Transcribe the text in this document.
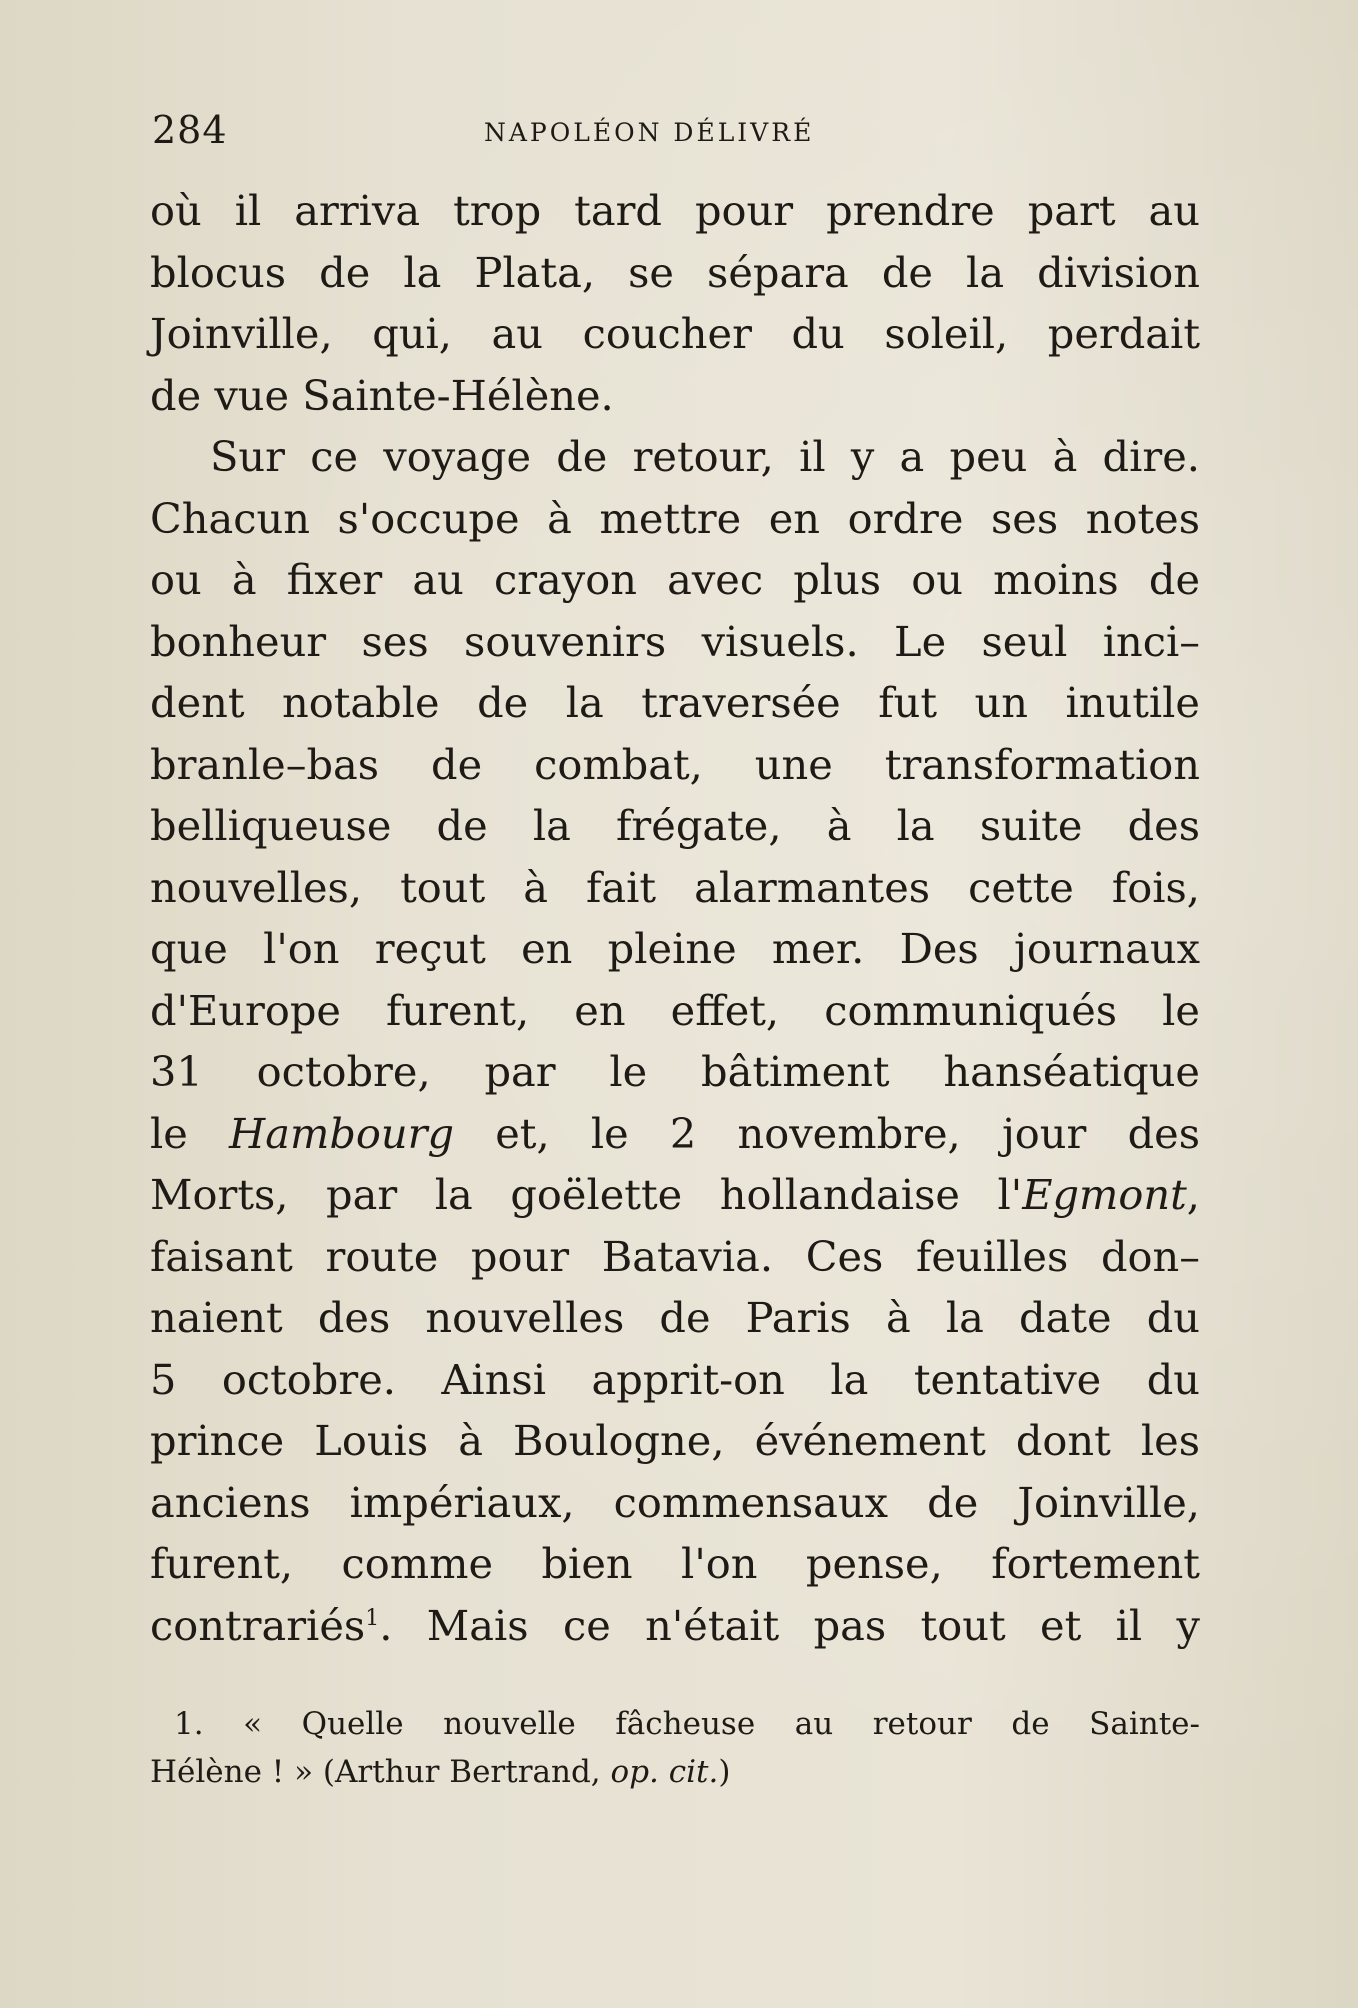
284	NAPOLÉON DÉLIVRÉ
où il arriva trop tard pour prendre part au
blocus de la Plata, se sépara de la division
Joinville, qui, au coucher du soleil, perdait
de vue Sainte-Hélène.
Sur ce voyage de retour, il y a peu à dire.
Chacun s'occupe à mettre en ordre ses notes
ou à fixer au crayon avec plus ou moins de
bonheur ses souvenirs visuels. Le seul inci–
dent notable de la traversée fut un inutile
branle–bas de combat, une transformation
belliqueuse de la frégate, à la suite des
nouvelles, tout à fait alarmantes cette fois,
que l'on reçut en pleine mer. Des journaux
d'Europe furent, en effet, communiqués le
31 octobre, par le bâtiment hanséatique
le Hambourg et, le 2 novembre, jour des
Morts, par la goëlette hollandaise l'Egmont,
faisant route pour Batavia. Ces feuilles don–
naient des nouvelles de Paris à la date du
5 octobre. Ainsi apprit-on la tentative du
prince Louis à Boulogne, événement dont les
anciens impériaux, commensaux de Joinville,
furent, comme bien l'on pense, fortement
contrariés$^1$. Mais ce n'était pas tout et il y
1. « Quelle nouvelle fâcheuse au retour de Sainte-
Hélène ! » (Arthur Bertrand, op. cit.)
